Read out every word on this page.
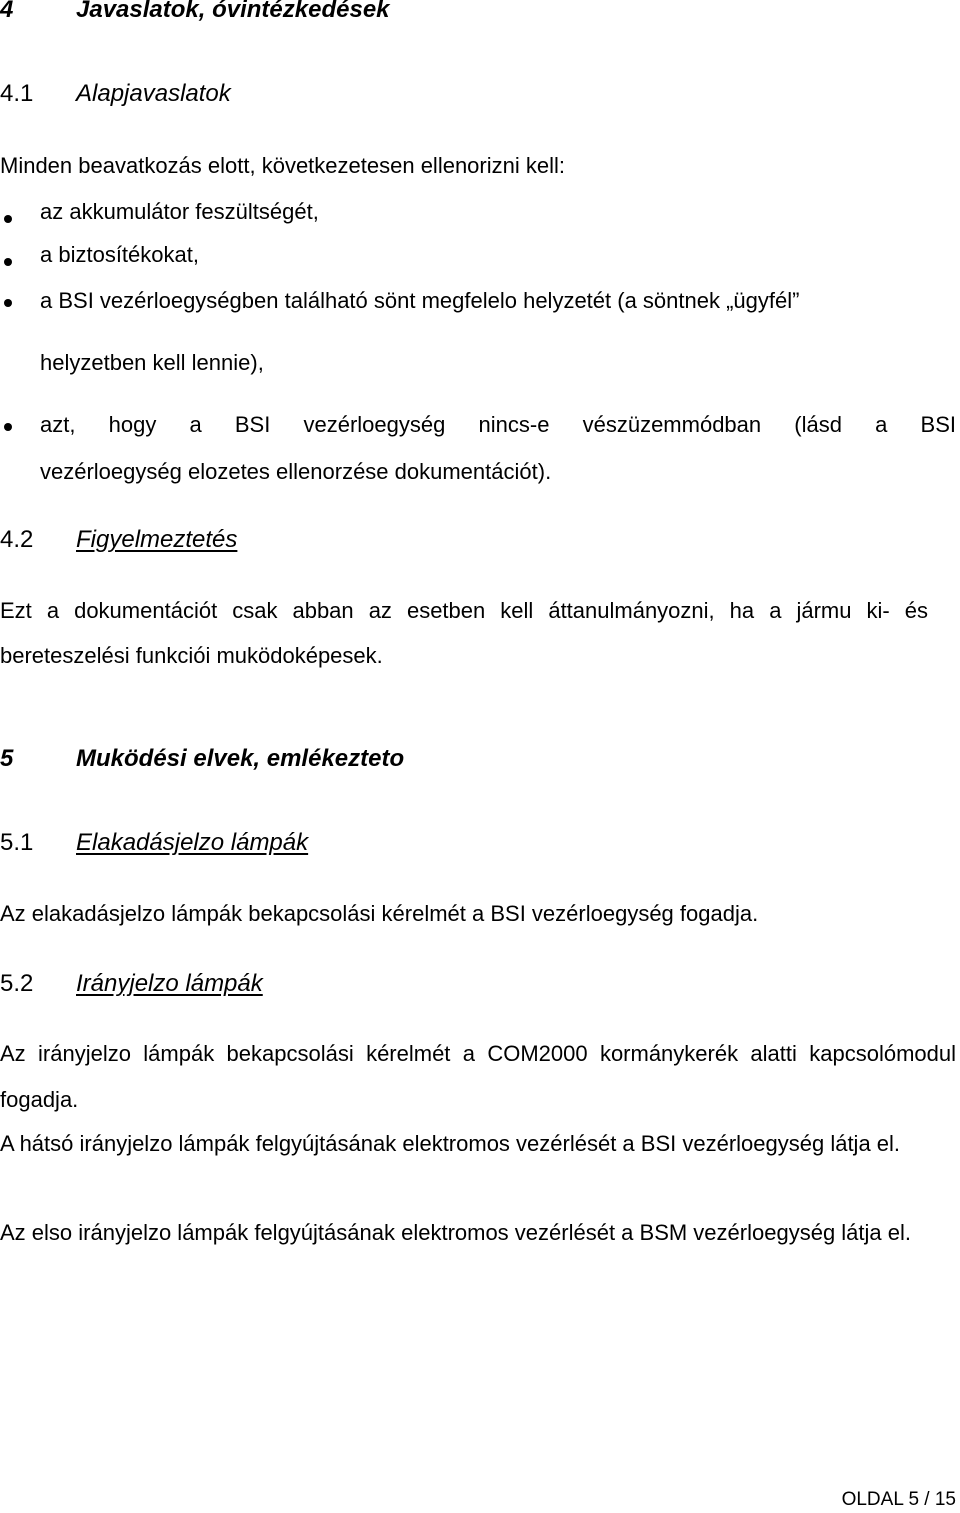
4	Javaslatok, óvintézkedések
4.1 Alapjavaslatok
Minden beavatkozás elott, következetesen ellenorizni kell:
az akkumulátor feszültségét,
a biztosítékokat,
a BSI vezérloegységben található sönt megfelelo helyzetét (a söntnek „ügyfél”
helyzetben kell lennie),
azt, hogy a BSI vezérloegység nincs-e vészüzemmódban (lásd a BSI
vezérloegység elozetes ellenorzése dokumentációt).
4.2 Figyelmeztetés
Ezt a dokumentációt csak abban az esetben kell áttanulmányozni, ha a jármu ki- és bereteszelési funkciói muködoképesek.
5	Muködési elvek, emlékezteto
5.1 Elakadásjelzo lámpák
Az elakadásjelzo lámpák bekapcsolási kérelmét a BSI vezérloegység fogadja.
5.2 Irányjelzo lámpák
Az irányjelzo lámpák bekapcsolási kérelmét a COM2000 kormánykerék alatti kapcsolómodul fogadja.
A hátsó irányjelzo lámpák felgyújtásának elektromos vezérlését a BSI vezérloegység látja el.
Az elso irányjelzo lámpák felgyújtásának elektromos vezérlését a BSM vezérloegység látja el.
OLDAL 5 / 15
